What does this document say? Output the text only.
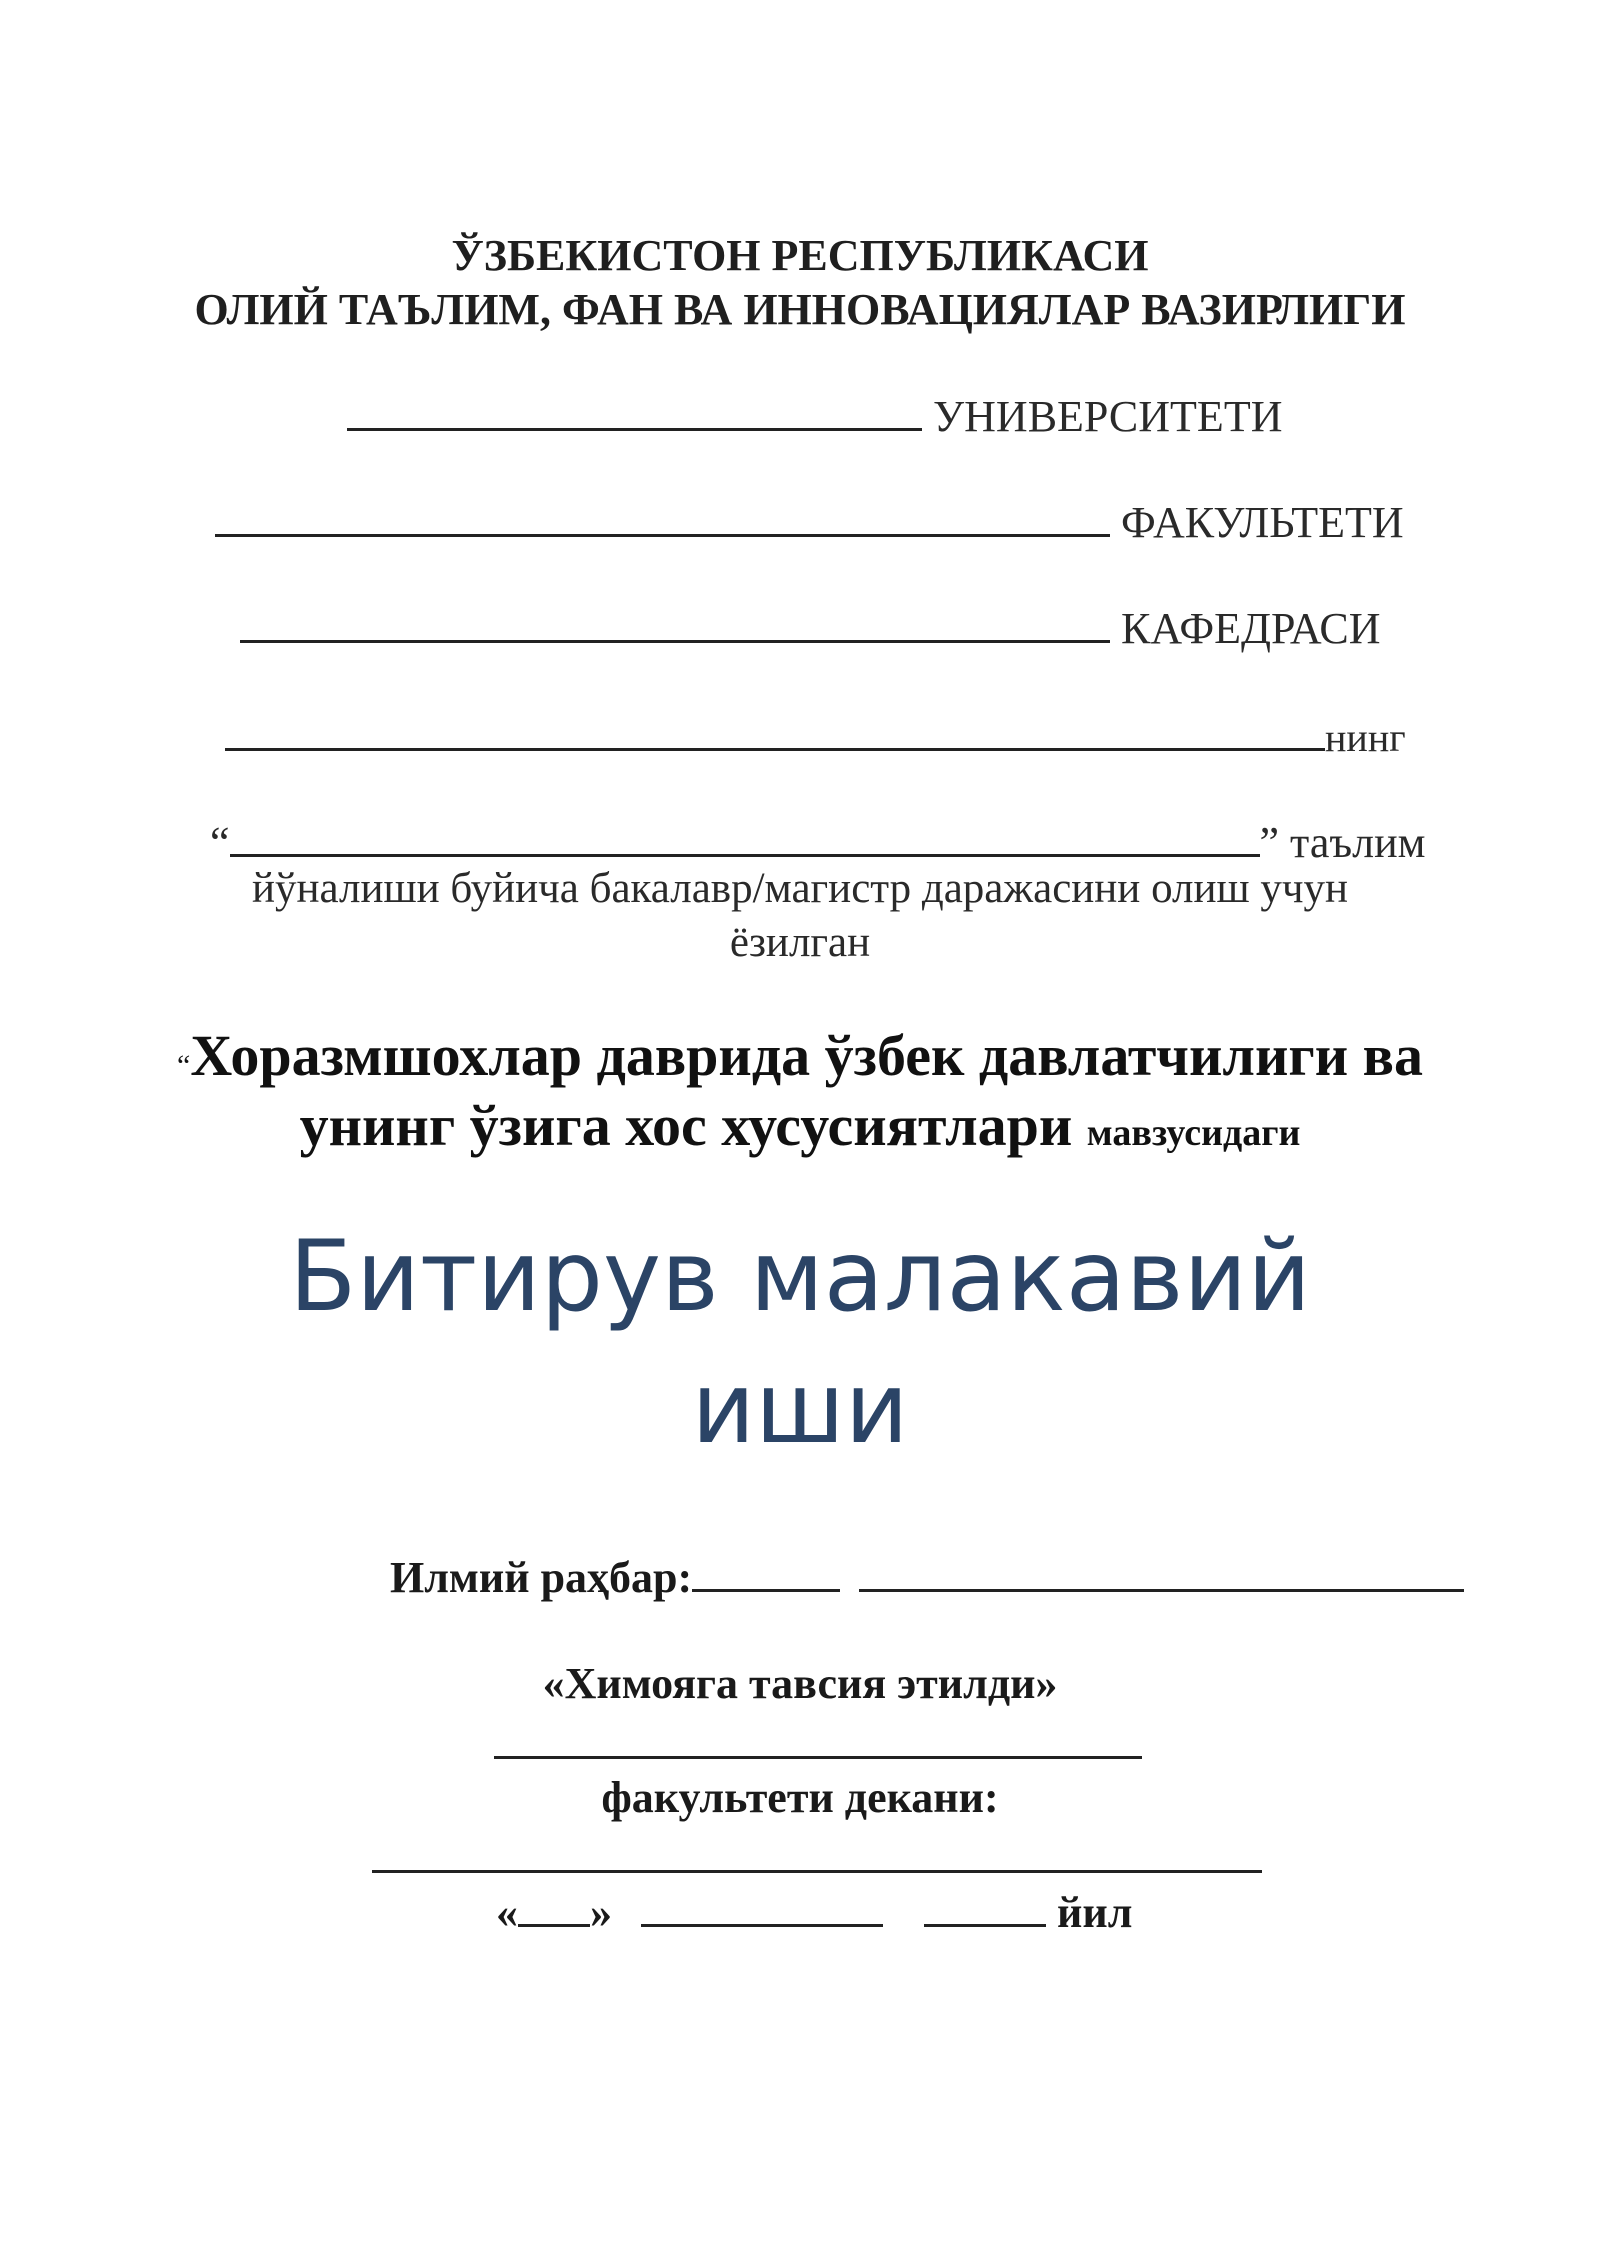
ЎЗБЕКИСТОН РЕСПУБЛИКАСИ
ОЛИЙ ТАЪЛИМ, ФАН ВА ИННОВАЦИЯЛАР ВАЗИРЛИГИ
УНИВЕРСИТЕТИ
ФАКУЛЬТЕТИ
КАФЕДРАСИ
нинг
“	” таълим
йўналиши буйича бакалавр/магистр даражасини олиш учун
ёзилган
“Хоразмшохлар даврида ўзбек давлатчилиги ва
унинг ўзига хос хусусиятлари мавзусидаги
Битирув малакавий
иши
Илмий раҳбар:
«Химояга тавсия этилди»
факультети декани:
« »	йил
